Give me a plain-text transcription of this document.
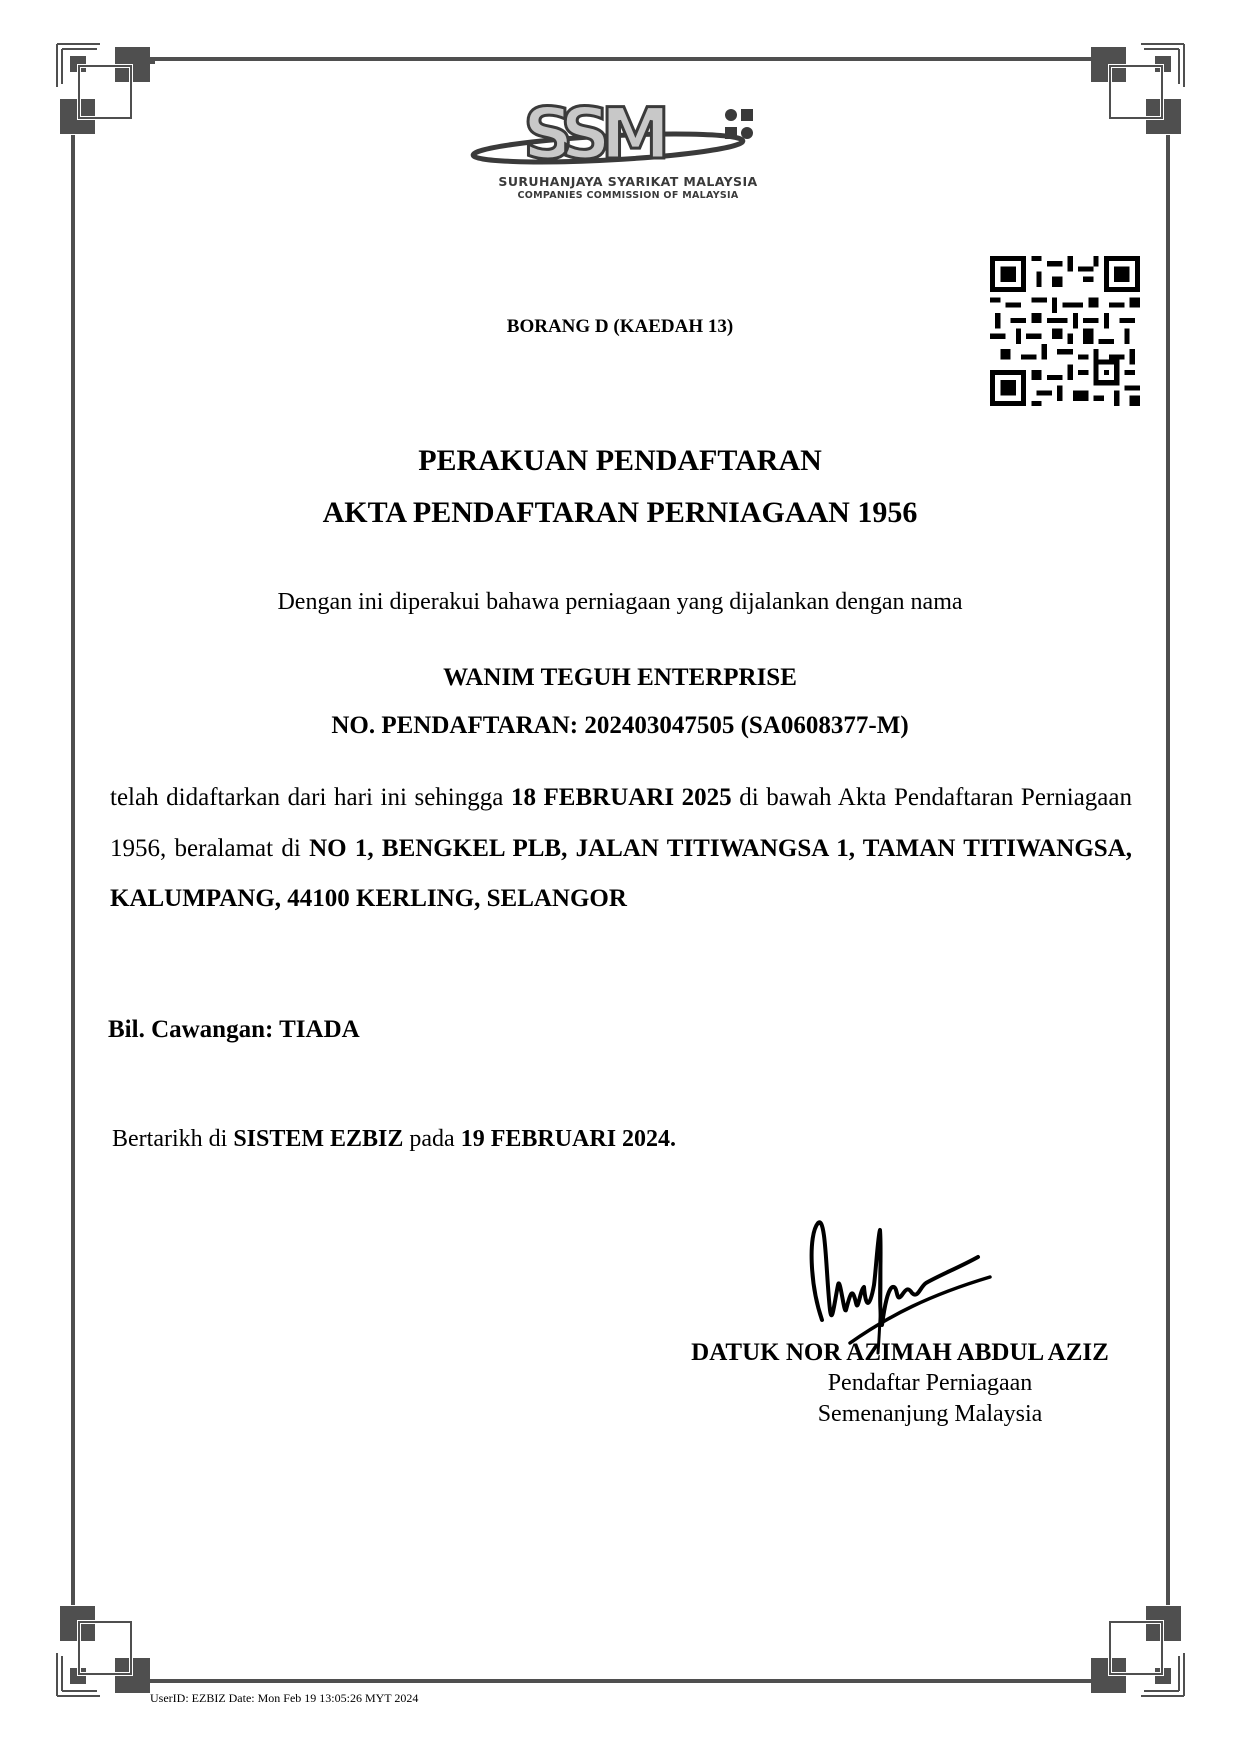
SSM
SURUHANJAYA SYARIKAT MALAYSIA
COMPANIES COMMISSION OF MALAYSIA
BORANG D (KAEDAH 13)
PERAKUAN PENDAFTARAN
AKTA PENDAFTARAN PERNIAGAAN 1956
Dengan ini diperakui bahawa perniagaan yang dijalankan dengan nama
WANIM TEGUH ENTERPRISE
NO. PENDAFTARAN: 202403047505 (SA0608377-M)
telah didaftarkan dari hari ini sehingga 18 FEBRUARI 2025 di bawah Akta Pendaftaran Perniagaan 1956, beralamat di NO 1, BENGKEL PLB, JALAN TITIWANGSA 1, TAMAN TITIWANGSA, KALUMPANG, 44100 KERLING, SELANGOR
Bil. Cawangan: TIADA
Bertarikh di SISTEM EZBIZ pada 19 FEBRUARI 2024.
DATUK NOR AZIMAH ABDUL AZIZ
Pendaftar Perniagaan
Semenanjung Malaysia
UserID: EZBIZ Date: Mon Feb 19 13:05:26 MYT 2024
